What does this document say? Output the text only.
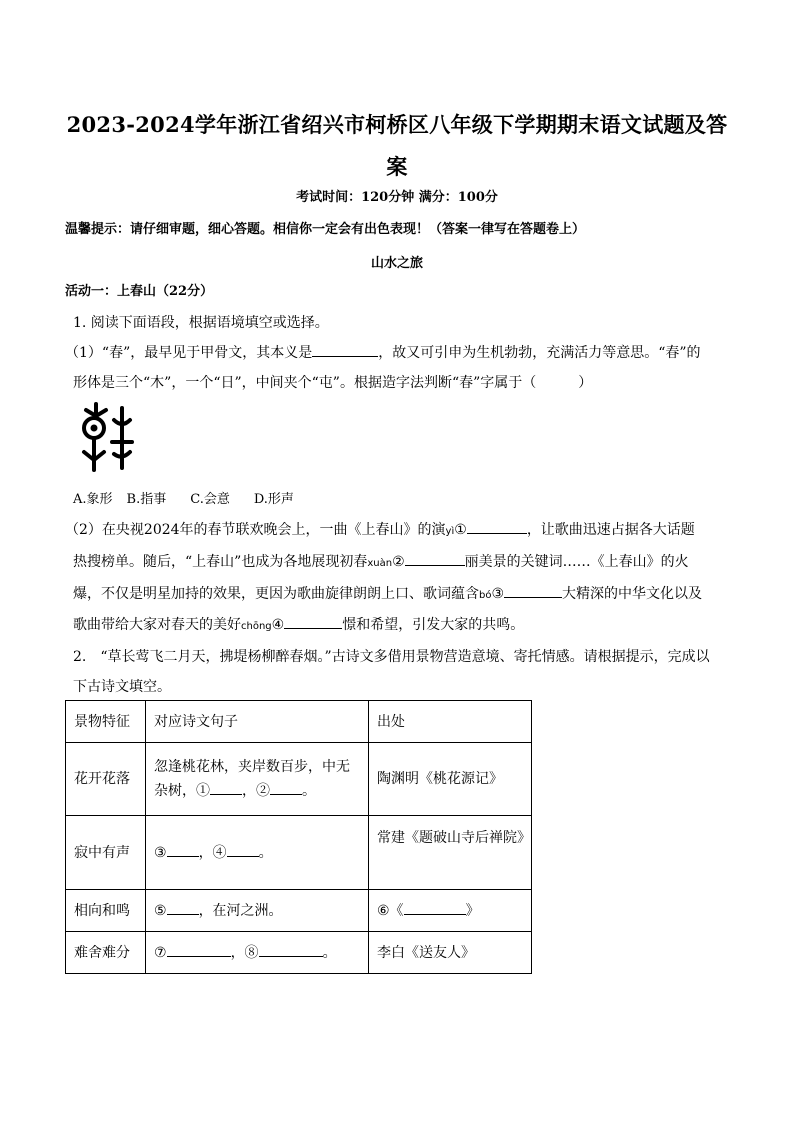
2023-2024学年浙江省绍兴市柯桥区八年级下学期期末语文试题及答
案
考试时间：120分钟 满分：100分
温馨提示：请仔细审题，细心答题。相信你一定会有出色表现！（答案一律写在答题卷上）
山水之旅
活动一：上春山（22分）
1. 阅读下面语段，根据语境填空或选择。
（1）“春”，最早见于甲骨文，其本义是	，故又可引申为生机勃勃，充满活力等意思。“春”的
形体是三个“木”，一个“日”，中间夹个“屯”。根据造字法判断“春”字属于（　　　）
A.象形 B.指事 C.会意 D.形声
（2）在央视2024年的春节联欢晚会上，一曲《上春山》的演yì①	，让歌曲迅速占据各大话题
热搜榜单。随后，“上春山”也成为各地展现初春xuàn②	丽美景的关键词……《上春山》的火
爆，不仅是明星加持的效果，更因为歌曲旋律朗朗上口、歌词蕴含bó③	大精深的中华文化以及
歌曲带给大家对春天的美好chōng④	憬和希望，引发大家的共鸣。
2.　“草长莺飞二月天，拂堤杨柳醉春烟。”古诗文多借用景物营造意境、寄托情感。请根据提示，完成以
下古诗文填空。
景物特征	对应诗文句子	出处
花开花落	忽逢桃花林，夹岸数百步，中无
杂树，① ，② 。	陶渊明《桃花源记》
寂中有声	③ ，④ 。	常建《题破山寺后禅院》
相向和鸣	⑤ ，在河之洲。	⑥《 》
难舍难分	⑦ ，⑧ 。	李白《送友人》
